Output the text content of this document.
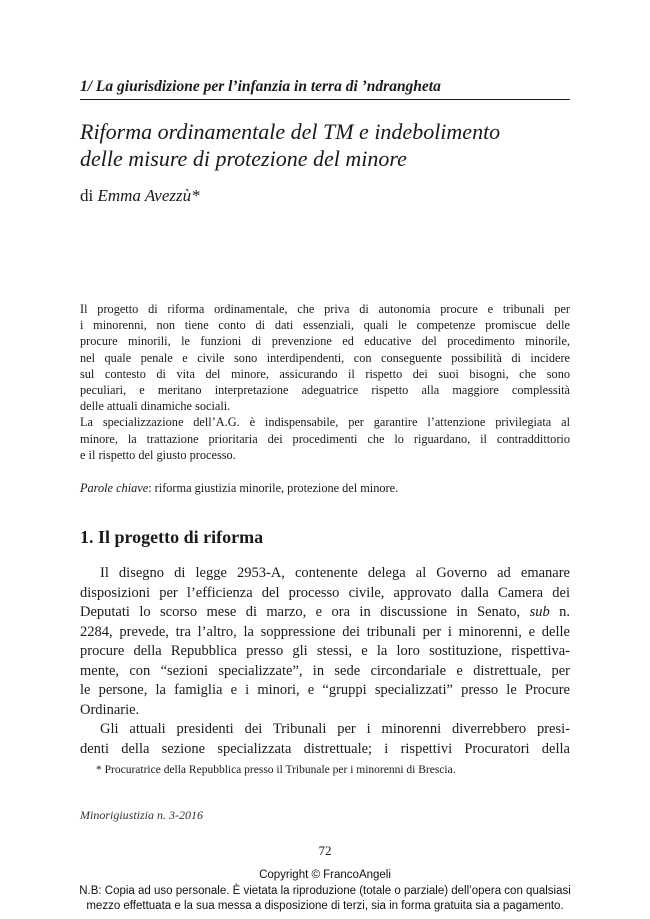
1/ La giurisdizione per l’infanzia in terra di ’ndrangheta
Riforma ordinamentale del TM e indebolimento
delle misure di protezione del minore
di Emma Avezzù*
Il progetto di riforma ordinamentale, che priva di autonomia procure e tribunali per
i minorenni, non tiene conto di dati essenziali, quali le competenze promiscue delle
procure minorili, le funzioni di prevenzione ed educative del procedimento minorile,
nel quale penale e civile sono interdipendenti, con conseguente possibilità di incidere
sul contesto di vita del minore, assicurando il rispetto dei suoi bisogni, che sono
peculiari, e meritano interpretazione adeguatrice rispetto alla maggiore complessità
delle attuali dinamiche sociali.
La specializzazione dell’A.G. è indispensabile, per garantire l’attenzione privilegiata al
minore, la trattazione prioritaria dei procedimenti che lo riguardano, il contraddittorio
e il rispetto del giusto processo.
Parole chiave: riforma giustizia minorile, protezione del minore.
1. Il progetto di riforma
Il disegno di legge 2953-A, contenente delega al Governo ad emanare
disposizioni per l’efficienza del processo civile, approvato dalla Camera dei
Deputati lo scorso mese di marzo, e ora in discussione in Senato, sub n.
2284, prevede, tra l’altro, la soppressione dei tribunali per i minorenni, e delle
procure della Repubblica presso gli stessi, e la loro sostituzione, rispettiva-
mente, con “sezioni specializzate”, in sede circondariale e distrettuale, per
le persone, la famiglia e i minori, e “gruppi specializzati” presso le Procure
Ordinarie.
Gli attuali presidenti dei Tribunali per i minorenni diverrebbero presi-
denti della sezione specializzata distrettuale; i rispettivi Procuratori della
* Procuratrice della Repubblica presso il Tribunale per i minorenni di Brescia.
Minorigiustizia n. 3-2016
72
Copyright © FrancoAngeli
N.B: Copia ad uso personale. È vietata la riproduzione (totale o parziale) dell’opera con qualsiasi
mezzo effettuata e la sua messa a disposizione di terzi, sia in forma gratuita sia a pagamento.
